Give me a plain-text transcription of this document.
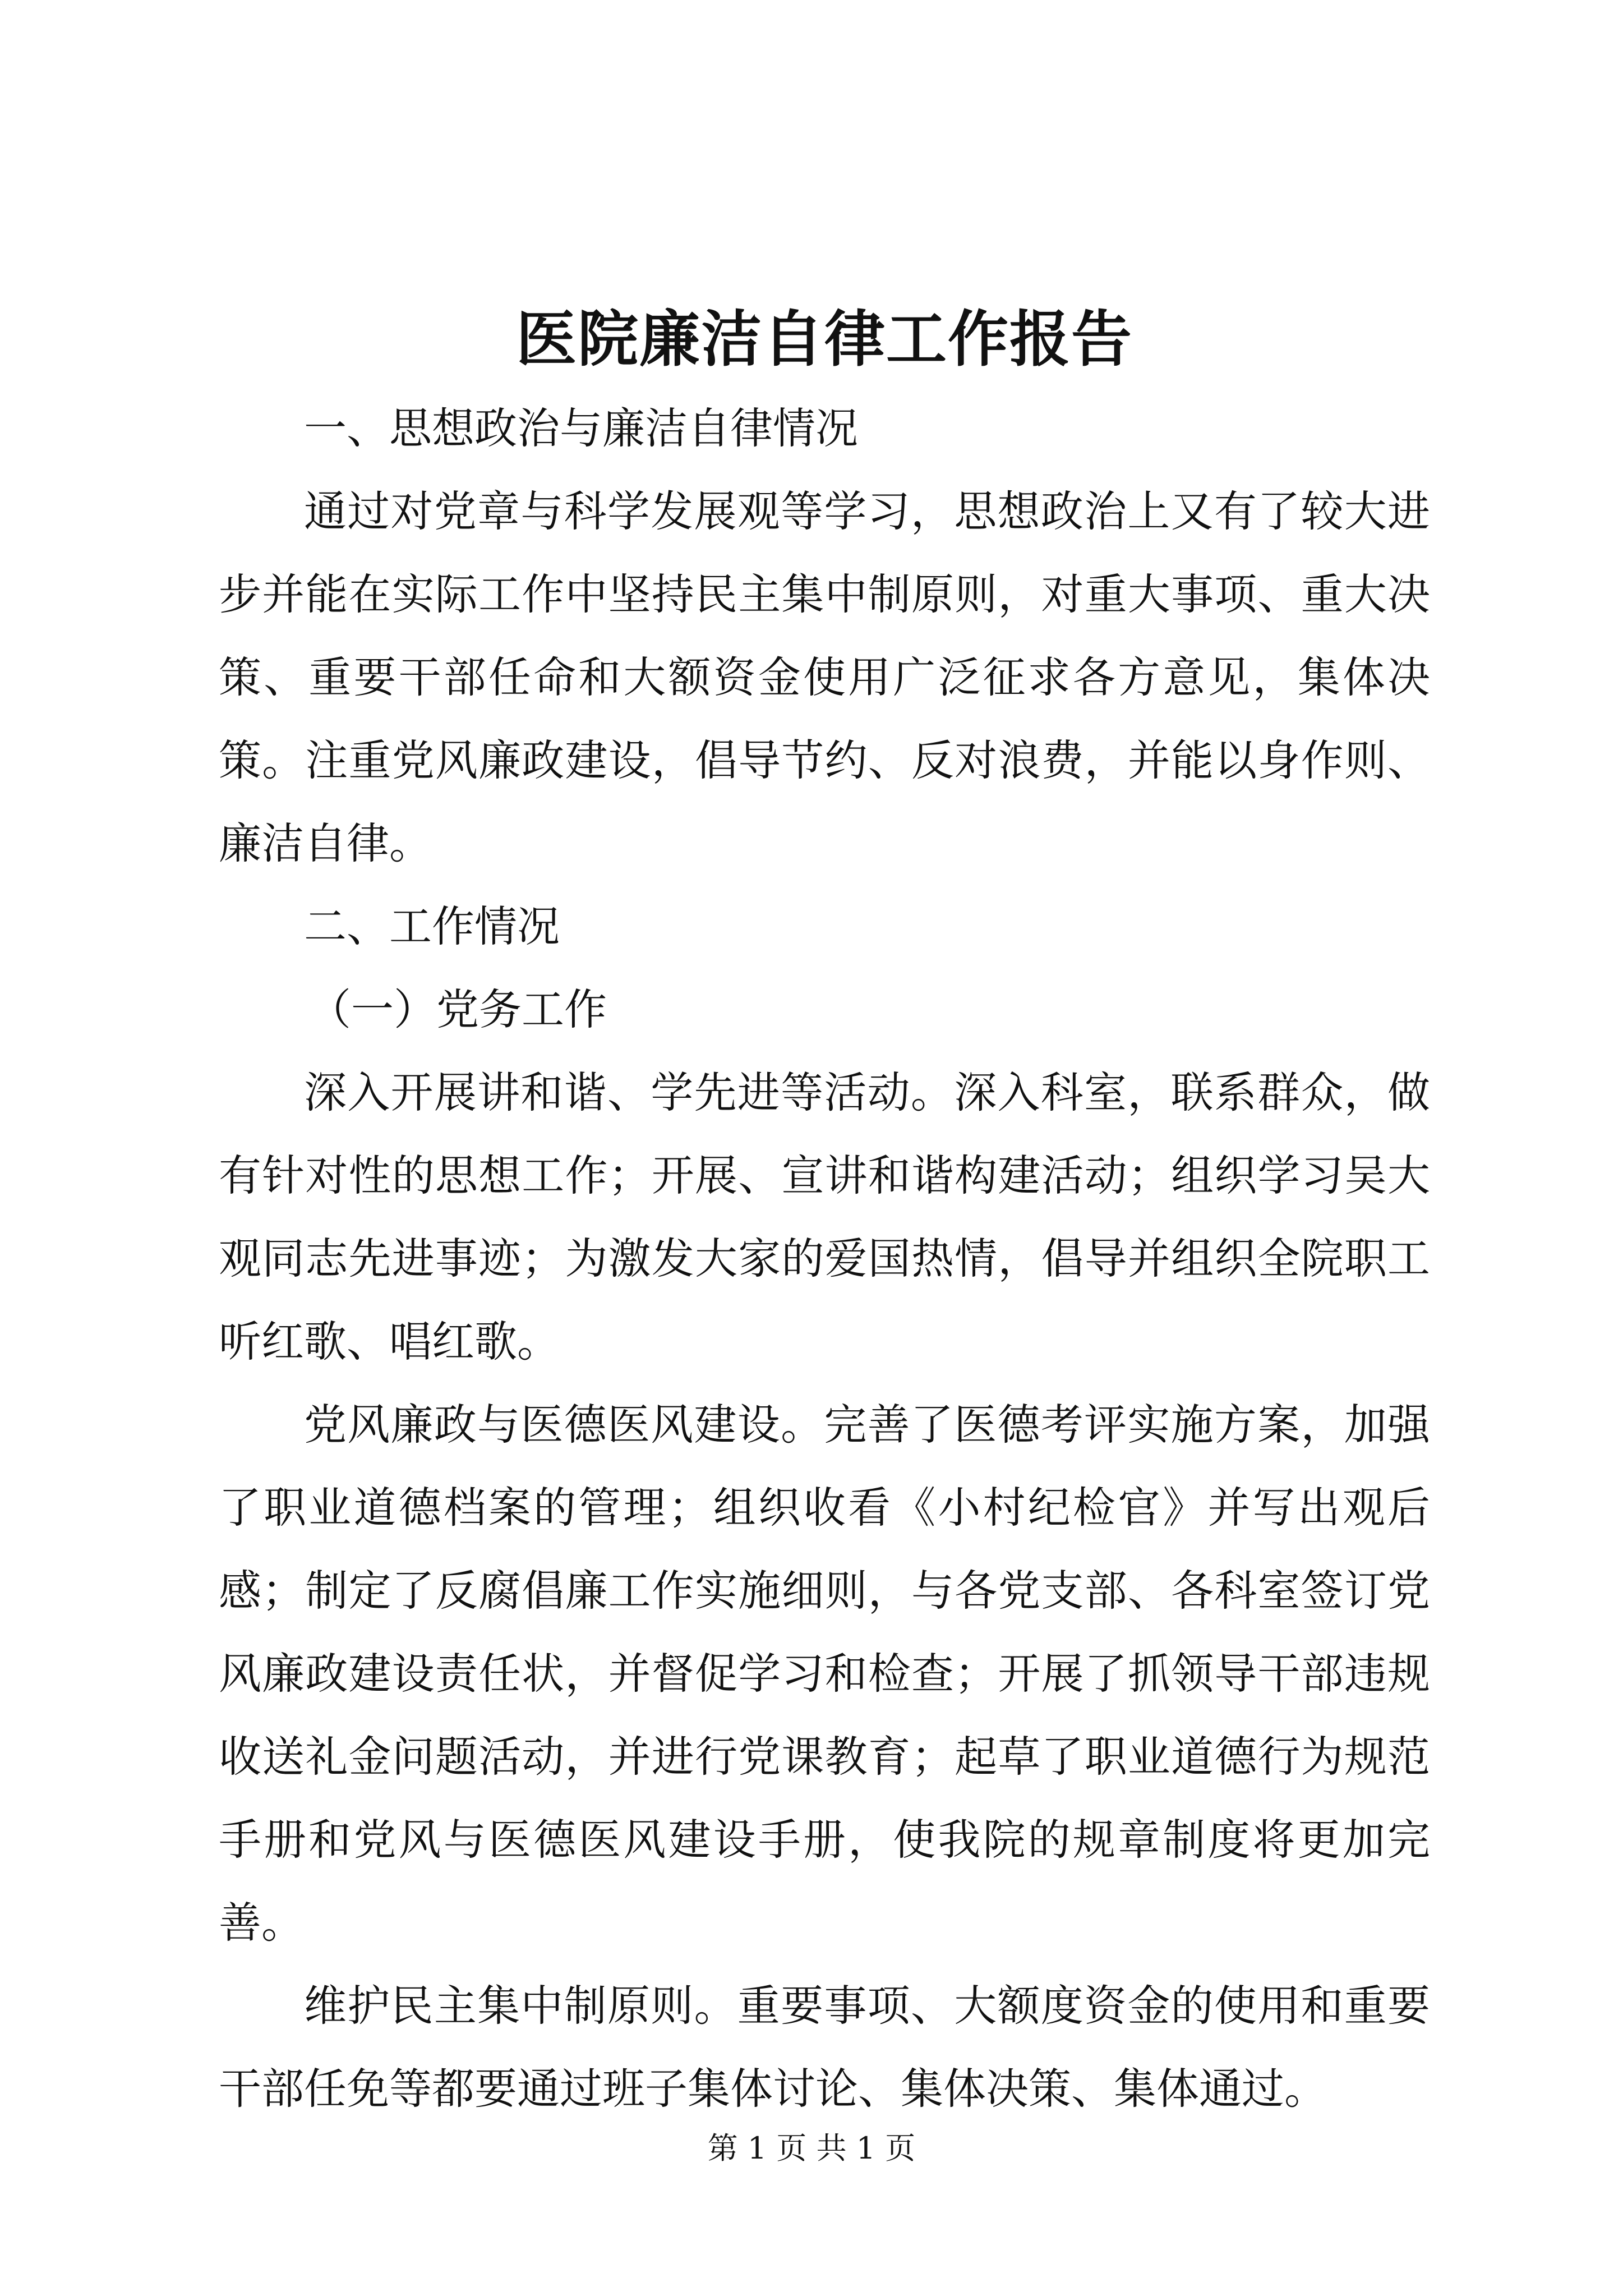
医院廉洁自律工作报告

一、思想政治与廉洁自律情况

通过对党章与科学发展观等学习，思想政治上又有了较大进步并能在实际工作中坚持民主集中制原则，对重大事项、重大决策、重要干部任命和大额资金使用广泛征求各方意见，集体决策。注重党风廉政建设，倡导节约、反对浪费，并能以身作则、廉洁自律。

二、工作情况

（一）党务工作

深入开展讲和谐、学先进等活动。深入科室，联系群众，做有针对性的思想工作；开展、宣讲和谐构建活动；组织学习吴大观同志先进事迹；为激发大家的爱国热情，倡导并组织全院职工听红歌、唱红歌。

党风廉政与医德医风建设。完善了医德考评实施方案，加强了职业道德档案的管理；组织收看《小村纪检官》并写出观后感；制定了反腐倡廉工作实施细则，与各党支部、各科室签订党风廉政建设责任状，并督促学习和检查；开展了抓领导干部违规收送礼金问题活动，并进行党课教育；起草了职业道德行为规范手册和党风与医德医风建设手册，使我院的规章制度将更加完善。

维护民主集中制原则。重要事项、大额度资金的使用和重要干部任免等都要通过班子集体讨论、集体决策、集体通过。

第 1 页 共 1 页
